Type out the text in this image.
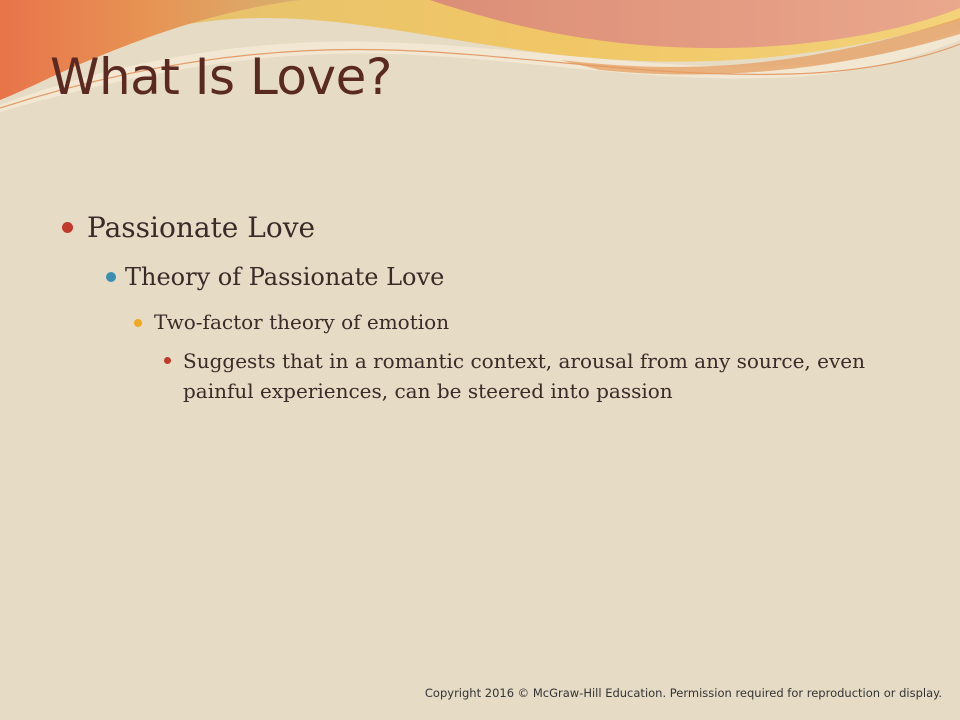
What Is Love?
Passionate Love
Theory of Passionate Love
Two-factor theory of emotion
Suggests that in a romantic context, arousal from any source, even painful experiences, can be steered into passion
Copyright 2016 © McGraw-Hill Education. Permission required for reproduction or display.
